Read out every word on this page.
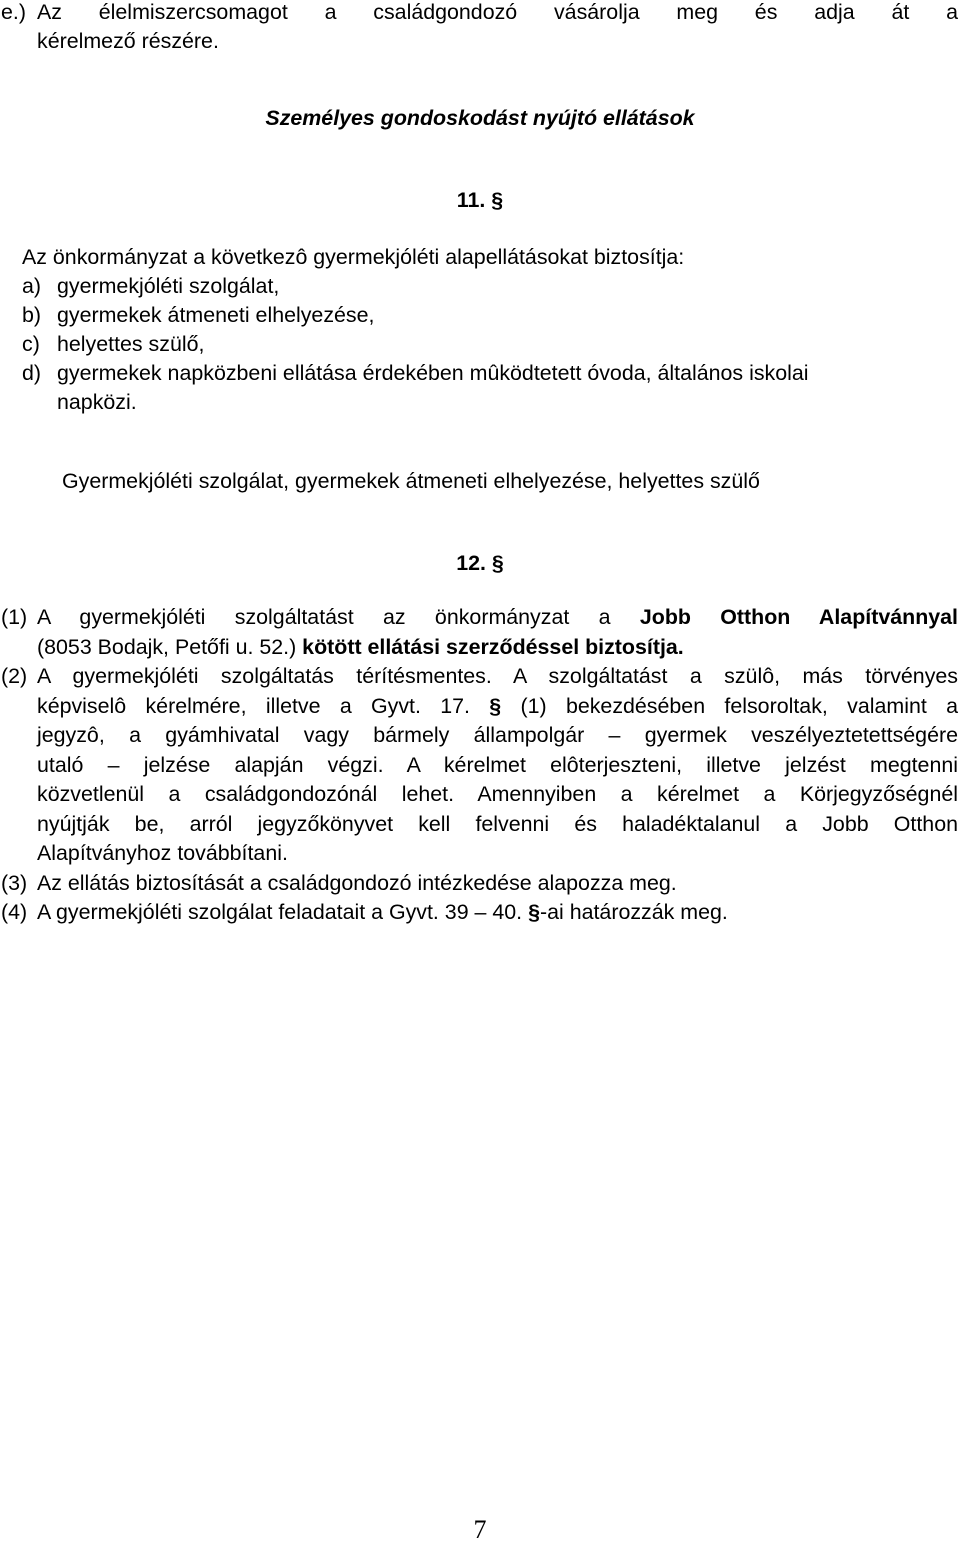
e.) Az élelmiszercsomagot a családgondozó vásárolja meg és adja át a
kérelmező részére.
Személyes gondoskodást nyújtó ellátások
11. §
Az önkormányzat a következô gyermekjóléti alapellátásokat biztosítja:
a) gyermekjóléti szolgálat,
b) gyermekek átmeneti elhelyezése,
c) helyettes szülő,
d) gyermekek napközbeni ellátása érdekében mûködtetett óvoda, általános iskolai
napközi.
Gyermekjóléti szolgálat, gyermekek átmeneti elhelyezése, helyettes szülő
12. §
(1) A gyermekjóléti szolgáltatást az önkormányzat a Jobb Otthon Alapítvánnyal
(8053 Bodajk, Petőfi u. 52.) kötött ellátási szerződéssel biztosítja.
(2) A gyermekjóléti szolgáltatás térítésmentes. A szolgáltatást a szülô, más törvényes
képviselô kérelmére, illetve a Gyvt. 17. § (1) bekezdésében felsoroltak, valamint a
jegyzô, a gyámhivatal vagy bármely állampolgár – gyermek veszélyeztetettségére
utaló – jelzése alapján végzi. A kérelmet elôterjeszteni, illetve jelzést megtenni
közvetlenül a családgondozónál lehet. Amennyiben a kérelmet a Körjegyzőségnél
nyújtják be, arról jegyzőkönyvet kell felvenni és haladéktalanul a Jobb Otthon
Alapítványhoz továbbítani.
(3) Az ellátás biztosítását a családgondozó intézkedése alapozza meg.
(4) A gyermekjóléti szolgálat feladatait a Gyvt. 39 – 40. §-ai határozzák meg.
7
